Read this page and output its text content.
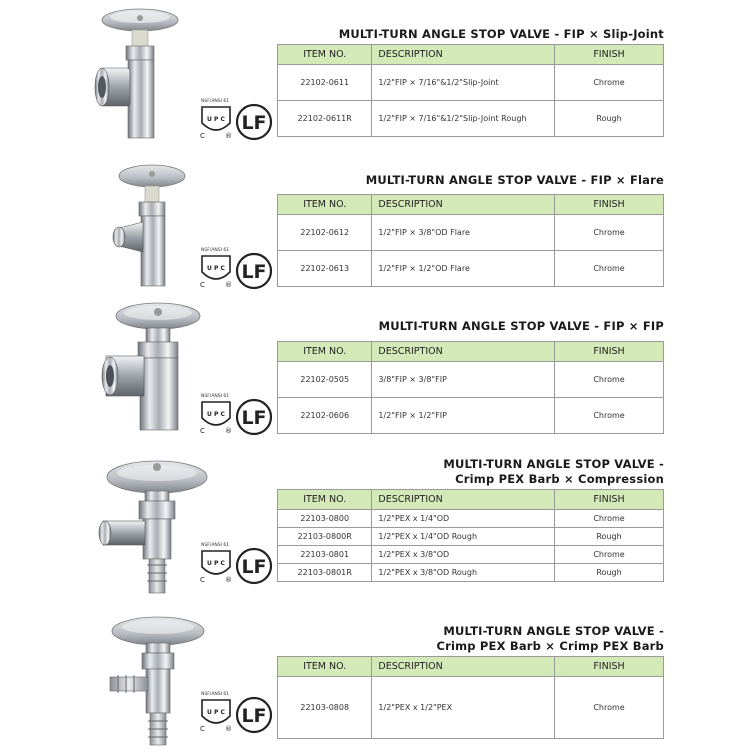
NSF/ANSI 61
U P C
C	®
LF
MULTI-TURN ANGLE STOP VALVE - FIP × Slip-Joint
ITEM NO.	DESCRIPTION	FINISH
22102-0611	1/2"FIP × 7/16"&1/2"Slip-Joint	Chrome
22102-0611R	1/2"FIP × 7/16"&1/2"Slip-Joint Rough	Rough
NSF/ANSI 61
U P C
C	®
LF
MULTI-TURN ANGLE STOP VALVE - FIP × Flare
ITEM NO.	DESCRIPTION	FINISH
22102-0612	1/2"FIP × 3/8"OD Flare	Chrome
22102-0613	1/2"FIP × 1/2"OD Flare	Chrome
NSF/ANSI 61
U P C
C	®
LF
MULTI-TURN ANGLE STOP VALVE - FIP × FIP
ITEM NO.	DESCRIPTION	FINISH
22102-0505	3/8"FIP × 3/8"FIP	Chrome
22102-0606	1/2"FIP × 1/2"FIP	Chrome
NSF/ANSI 61
U P C
C	®
LF
MULTI-TURN ANGLE STOP VALVE -
Crimp PEX Barb × Compression
ITEM NO.	DESCRIPTION	FINISH
22103-0800	1/2"PEX x 1/4"OD	Chrome
22103-0800R	1/2"PEX x 1/4"OD Rough	Rough
22103-0801	1/2"PEX x 3/8"OD	Chrome
22103-0801R	1/2"PEX x 3/8"OD Rough	Rough
NSF/ANSI 61
U P C
C	®
LF
MULTI-TURN ANGLE STOP VALVE -
Crimp PEX Barb × Crimp PEX Barb
ITEM NO.	DESCRIPTION	FINISH
22103-0808	1/2"PEX x 1/2"PEX	Chrome
